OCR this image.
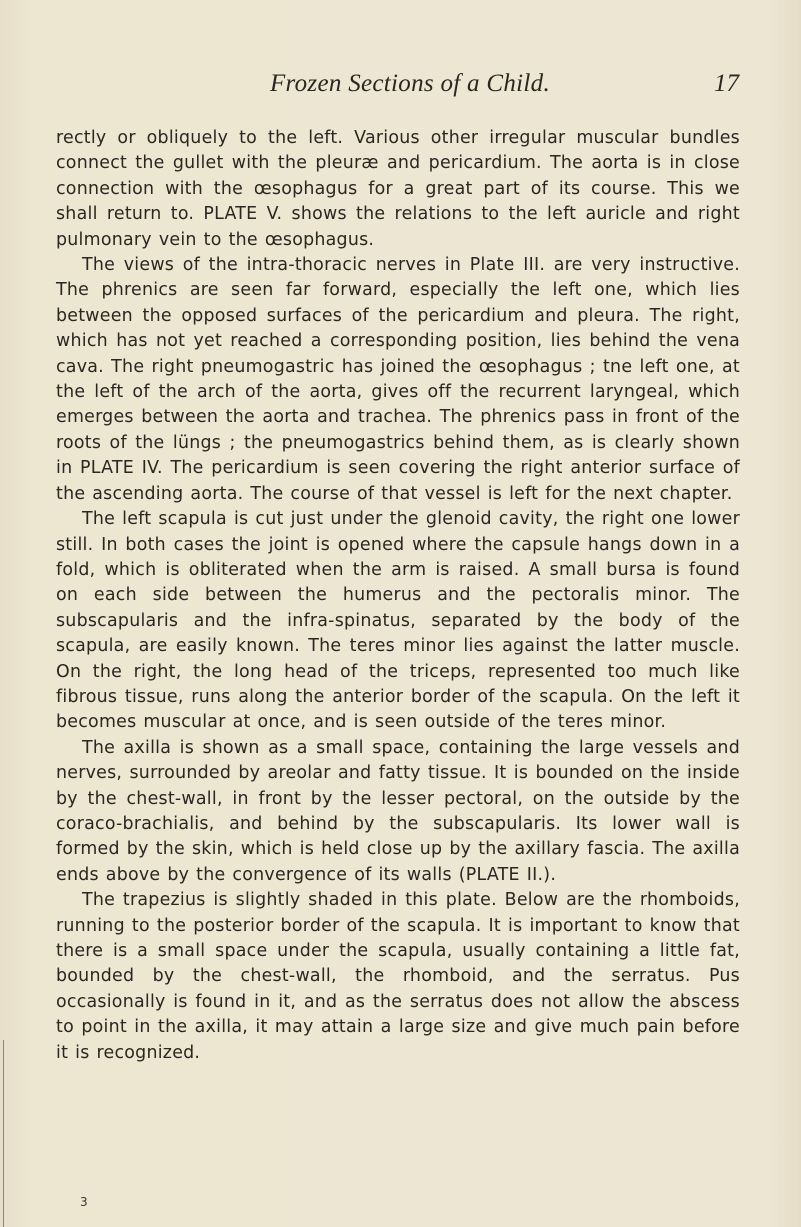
Frozen Sections of a Child.	17

rectly or obliquely to the left. Various other irregular muscular bundles connect the gullet with the pleuræ and pericardium. The aorta is in close connection with the œsophagus for a great part of its course. This we shall return to. PLATE V. shows the relations to the left auricle and right pulmonary vein to the œsophagus.

The views of the intra-thoracic nerves in Plate III. are very instructive. The phrenics are seen far forward, especially the left one, which lies between the opposed surfaces of the pericardium and pleura. The right, which has not yet reached a corresponding position, lies behind the vena cava. The right pneumogastric has joined the œsophagus ; tne left one, at the left of the arch of the aorta, gives off the recurrent laryngeal, which emerges between the aorta and trachea. The phrenics pass in front of the roots of the lüngs ; the pneumogastrics behind them, as is clearly shown in PLATE IV. The pericardium is seen covering the right anterior surface of the ascending aorta. The course of that vessel is left for the next chapter.

The left scapula is cut just under the glenoid cavity, the right one lower still. In both cases the joint is opened where the capsule hangs down in a fold, which is obliterated when the arm is raised. A small bursa is found on each side between the humerus and the pectoralis minor. The subscapularis and the infra-spinatus, separated by the body of the scapula, are easily known. The teres minor lies against the latter muscle. On the right, the long head of the triceps, represented too much like fibrous tissue, runs along the anterior border of the scapula. On the left it becomes muscular at once, and is seen outside of the teres minor.

The axilla is shown as a small space, containing the large vessels and nerves, surrounded by areolar and fatty tissue. It is bounded on the inside by the chest-wall, in front by the lesser pectoral, on the outside by the coraco-brachialis, and behind by the subscapularis. Its lower wall is formed by the skin, which is held close up by the axillary fascia. The axilla ends above by the convergence of its walls (PLATE II.).

The trapezius is slightly shaded in this plate. Below are the rhomboids, running to the posterior border of the scapula. It is important to know that there is a small space under the scapula, usually containing a little fat, bounded by the chest-wall, the rhomboid, and the serratus. Pus occasionally is found in it, and as the serratus does not allow the abscess to point in the axilla, it may attain a large size and give much pain before it is recognized.

3
